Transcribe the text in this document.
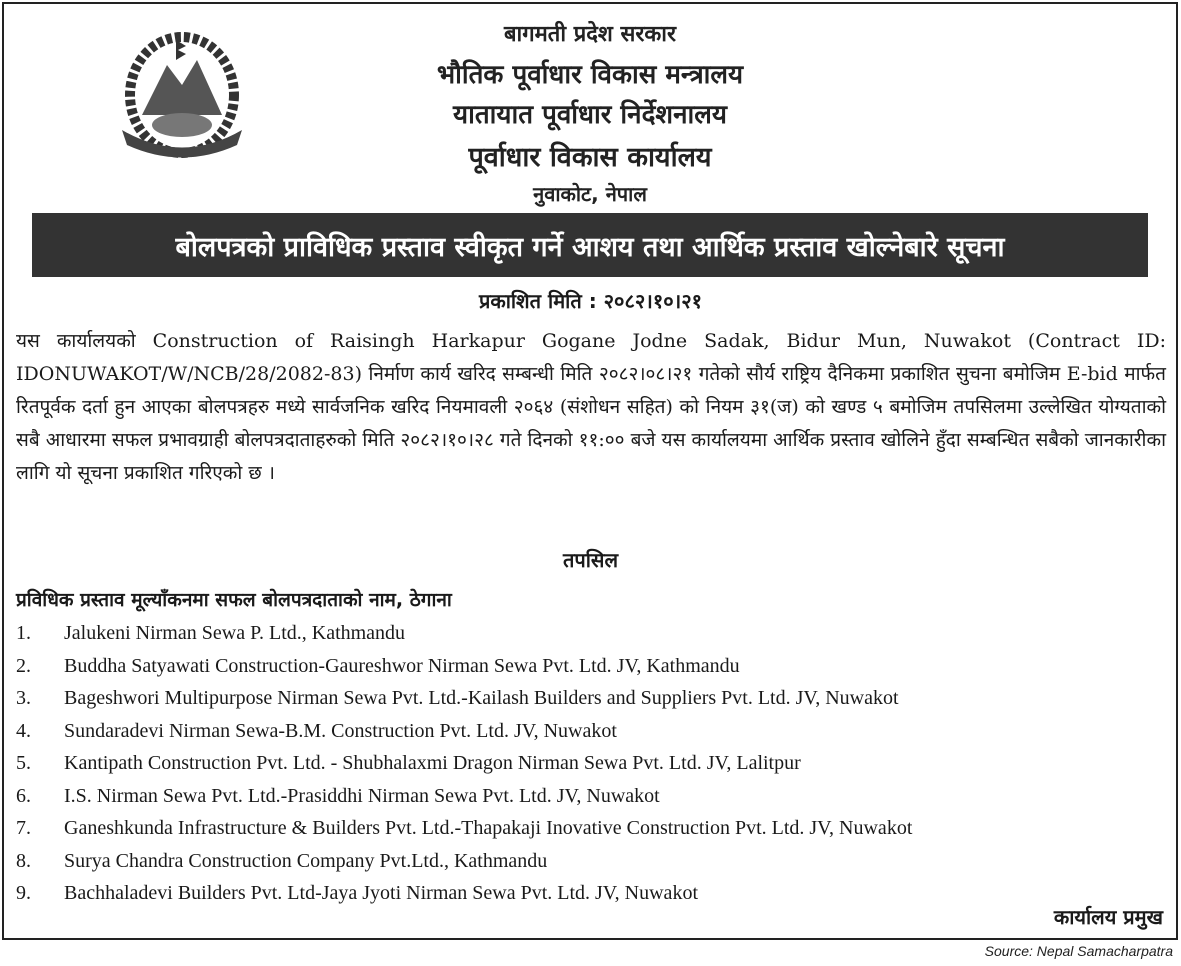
बागमती प्रदेश सरकार
भौतिक पूर्वाधार विकास मन्त्रालय
यातायात पूर्वाधार निर्देशनालय
पूर्वाधार विकास कार्यालय
नुवाकोट, नेपाल
बोलपत्रको प्राविधिक प्रस्ताव स्वीकृत गर्ने आशय तथा आर्थिक प्रस्ताव खोल्नेबारे सूचना
प्रकाशित मिति : २०८२।१०।२१
यस कार्यालयको Construction of Raisingh Harkapur Gogane Jodne Sadak, Bidur Mun, Nuwakot (Contract ID: IDONUWAKOT/W/NCB/28/2082-83) निर्माण कार्य खरिद सम्बन्धी मिति २०८२।०८।२१ गतेको सौर्य राष्ट्रिय दैनिकमा प्रकाशित सुचना बमोजिम E-bid मार्फत रितपूर्वक दर्ता हुन आएका बोलपत्रहरु मध्ये सार्वजनिक खरिद नियमावली २०६४ (संशोधन सहित) को नियम ३१(ज) को खण्ड ५ बमोजिम तपसिलमा उल्लेखित योग्यताको सबै आधारमा सफल प्रभावग्राही बोलपत्रदाताहरुको मिति २०८२।१०।२८ गते दिनको ११:०० बजे यस कार्यालयमा आर्थिक प्रस्ताव खोलिने हुँदा सम्बन्धित सबैको जानकारीका लागि यो सूचना प्रकाशित गरिएको छ ।
तपसिल
प्रविधिक प्रस्ताव मूल्याँकनमा सफल बोलपत्रदाताको नाम, ठेगाना
1.	Jalukeni Nirman Sewa P. Ltd., Kathmandu
2.	Buddha Satyawati Construction-Gaureshwor Nirman Sewa Pvt. Ltd. JV, Kathmandu
3.	Bageshwori Multipurpose Nirman Sewa Pvt. Ltd.-Kailash Builders and Suppliers Pvt. Ltd. JV, Nuwakot
4.	Sundaradevi Nirman Sewa-B.M. Construction Pvt. Ltd. JV, Nuwakot
5.	Kantipath Construction Pvt. Ltd. - Shubhalaxmi Dragon Nirman Sewa Pvt. Ltd. JV, Lalitpur
6.	I.S. Nirman Sewa Pvt. Ltd.-Prasiddhi Nirman Sewa Pvt. Ltd. JV, Nuwakot
7.	Ganeshkunda Infrastructure & Builders Pvt. Ltd.-Thapakaji Inovative Construction Pvt. Ltd. JV, Nuwakot
8.	Surya Chandra Construction Company Pvt.Ltd., Kathmandu
9.	Bachhaladevi Builders Pvt. Ltd-Jaya Jyoti Nirman Sewa Pvt. Ltd. JV, Nuwakot
कार्यालय प्रमुख
Source: Nepal Samacharpatra
